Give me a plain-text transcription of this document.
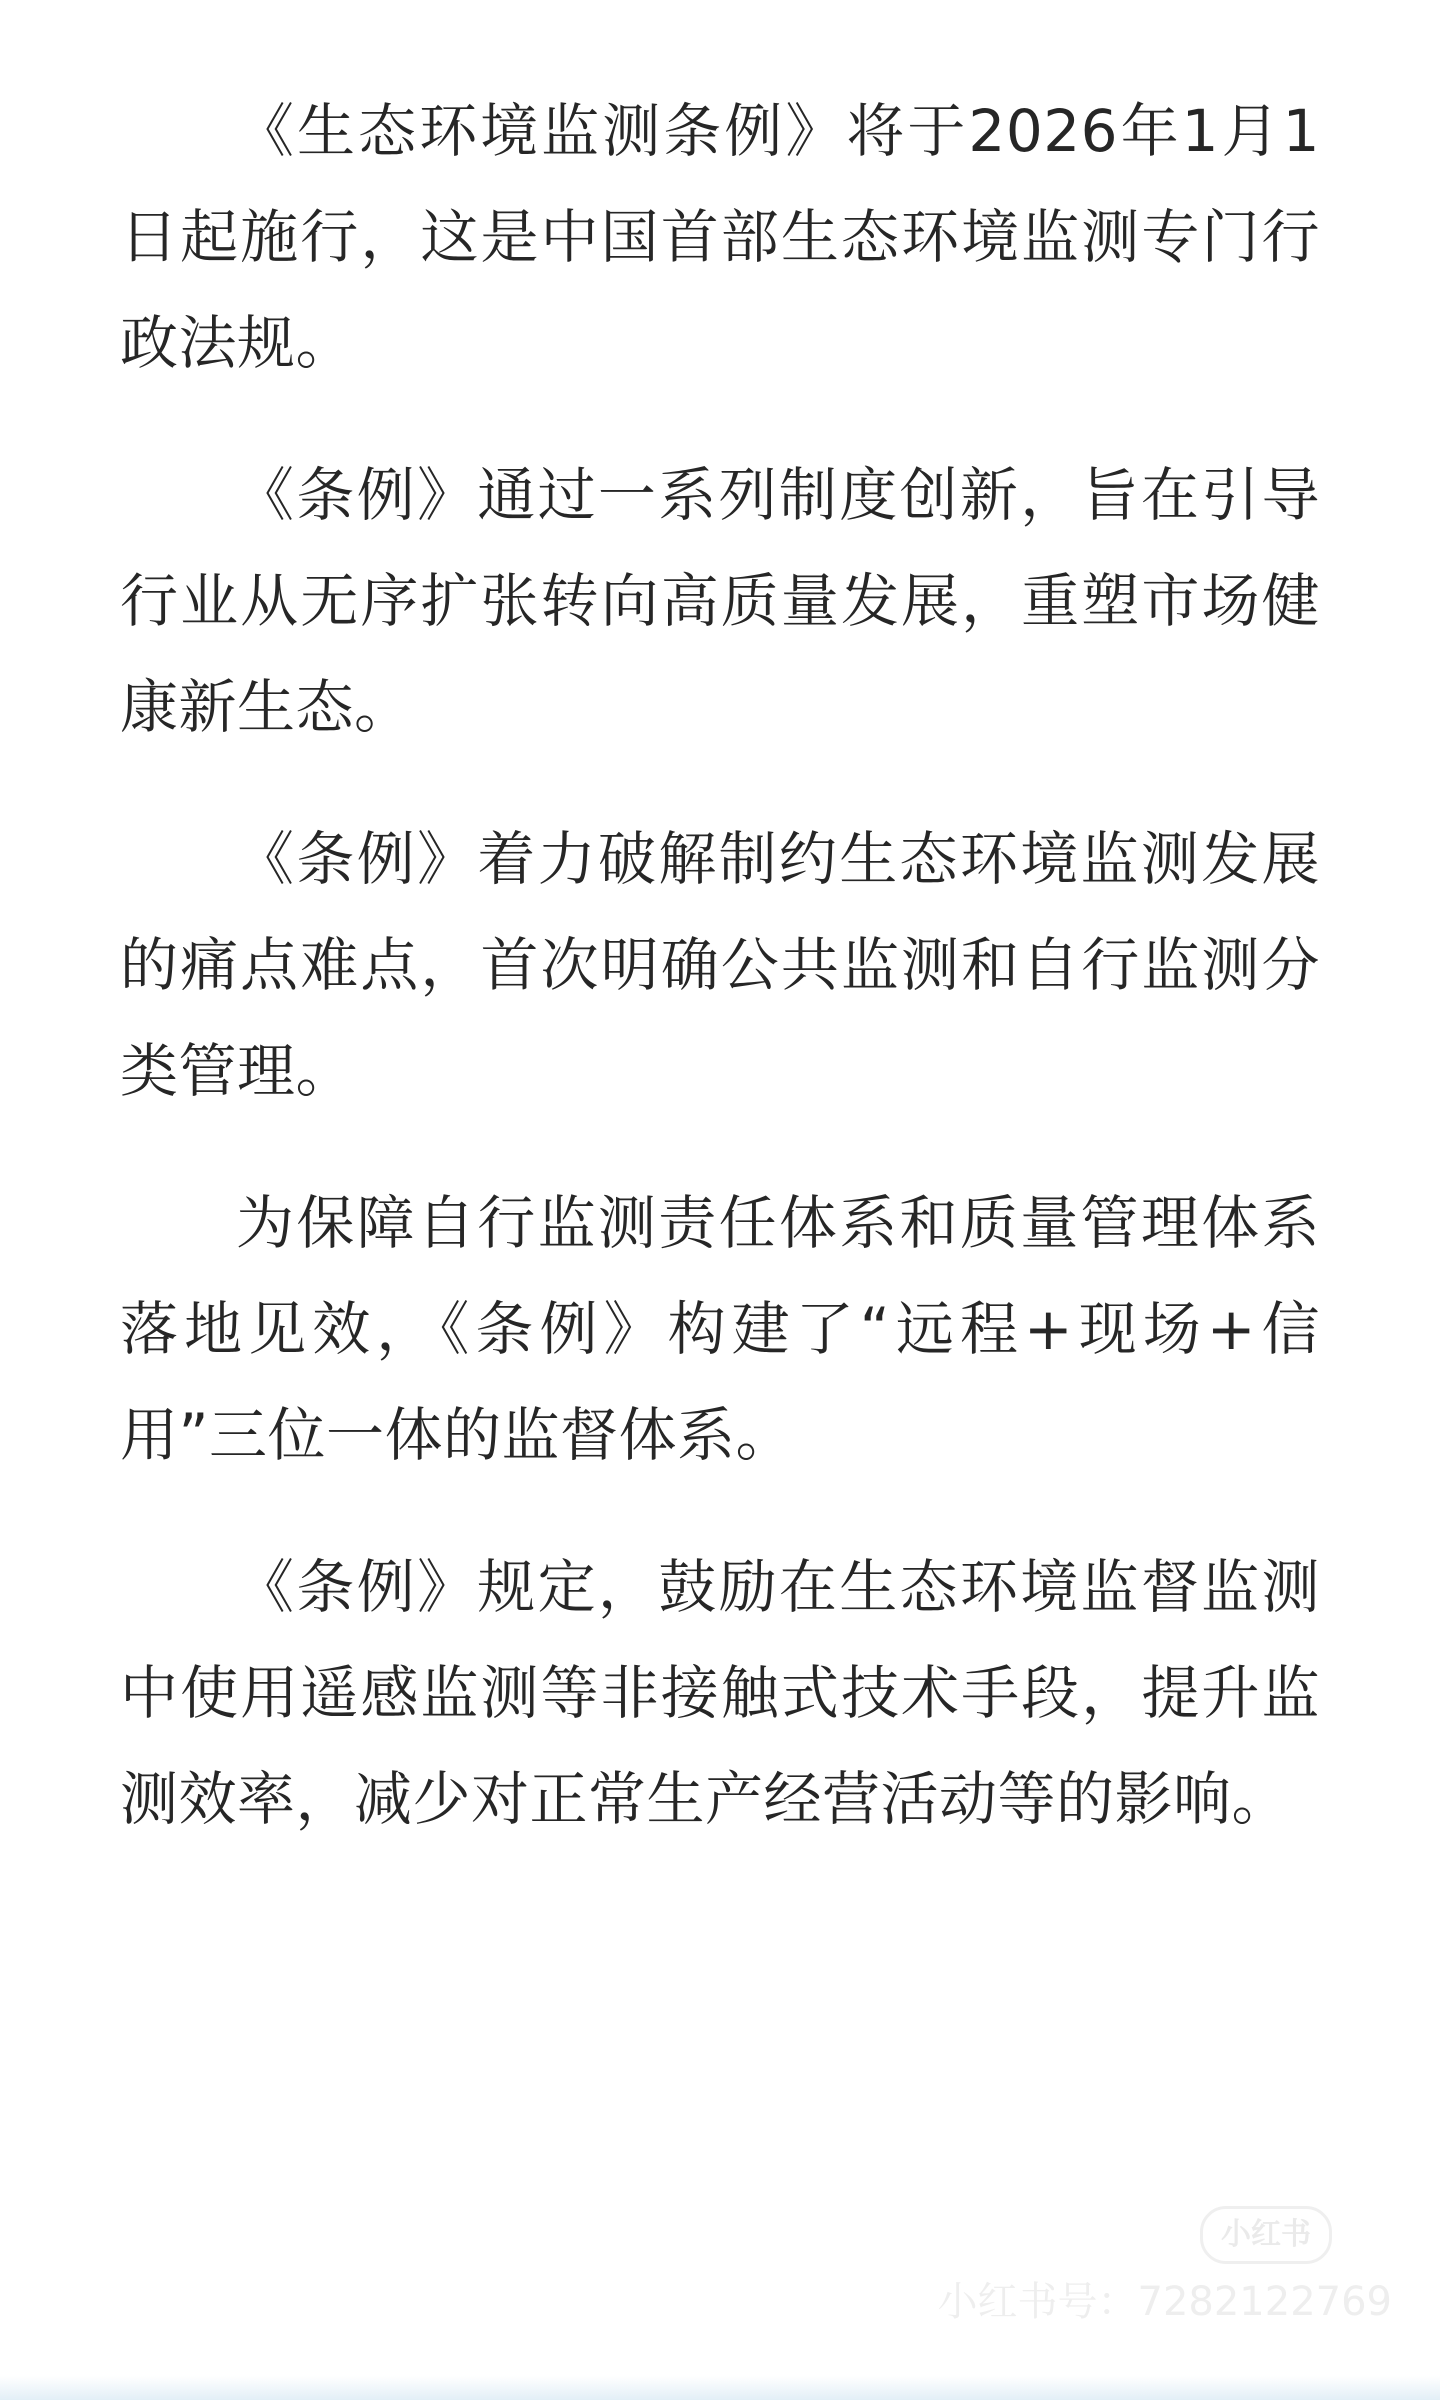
《生态环境监测条例》将于2026年1月1日起施行，这是中国首部生态环境监测专门行政法规。

《条例》通过一系列制度创新，旨在引导行业从无序扩张转向高质量发展，重塑市场健康新生态。

《条例》着力破解制约生态环境监测发展的痛点难点，首次明确公共监测和自行监测分类管理。

为保障自行监测责任体系和质量管理体系落地见效，《条例》构建了“远程+现场+信用”三位一体的监督体系。

《条例》规定，鼓励在生态环境监督监测中使用遥感监测等非接触式技术手段，提升监测效率，减少对正常生产经营活动等的影响。

小红书
小红书号：7282122769
